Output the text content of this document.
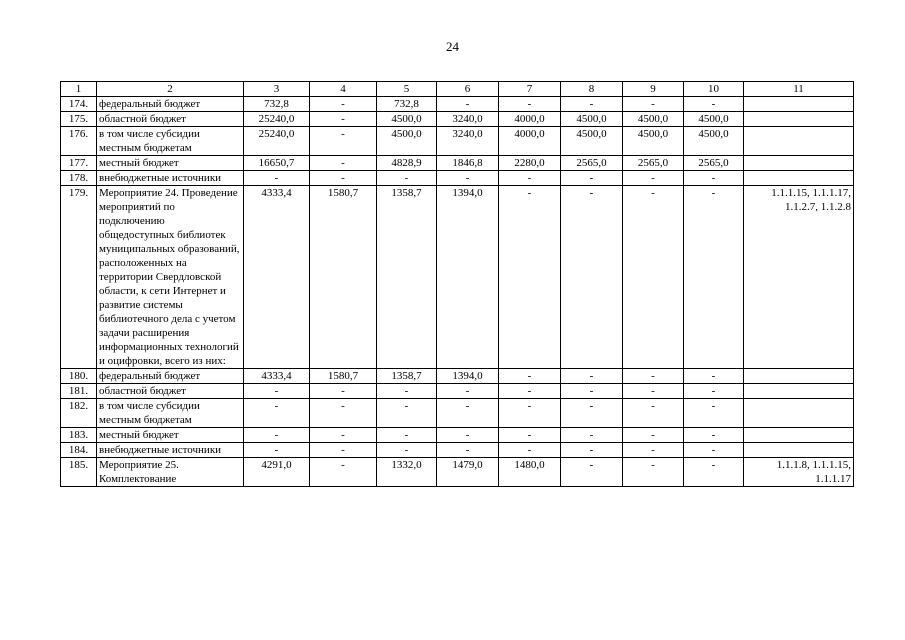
24
1	2	3	4	5	6	7	8	9	10	11
174.	федеральный бюджет	732,8	-	732,8	-	-	-	-	-	
175.	областной бюджет	25240,0	-	4500,0	3240,0	4000,0	4500,0	4500,0	4500,0	
176.	в том числе субсидии местным бюджетам	25240,0	-	4500,0	3240,0	4000,0	4500,0	4500,0	4500,0	
177.	местный бюджет	16650,7	-	4828,9	1846,8	2280,0	2565,0	2565,0	2565,0	
178.	внебюджетные источники	-	-	-	-	-	-	-	-	
179.	Мероприятие 24. Проведение мероприятий по подключению общедоступных библиотек муниципальных образований, расположенных на территории Свердловской области, к сети Интернет и развитие системы библиотечного дела с учетом задачи расширения информационных технологий и оцифровки, всего из них:	4333,4	1580,7	1358,7	1394,0	-	-	-	-	1.1.1.15, 1.1.1.17, 1.1.2.7, 1.1.2.8
180.	федеральный бюджет	4333,4	1580,7	1358,7	1394,0	-	-	-	-	
181.	областной бюджет	-	-	-	-	-	-	-	-	
182.	в том числе субсидии местным бюджетам	-	-	-	-	-	-	-	-	
183.	местный бюджет	-	-	-	-	-	-	-	-	
184.	внебюджетные источники	-	-	-	-	-	-	-	-	
185.	Мероприятие 25. Комплектование	4291,0	-	1332,0	1479,0	1480,0	-	-	-	1.1.1.8, 1.1.1.15, 1.1.1.17
